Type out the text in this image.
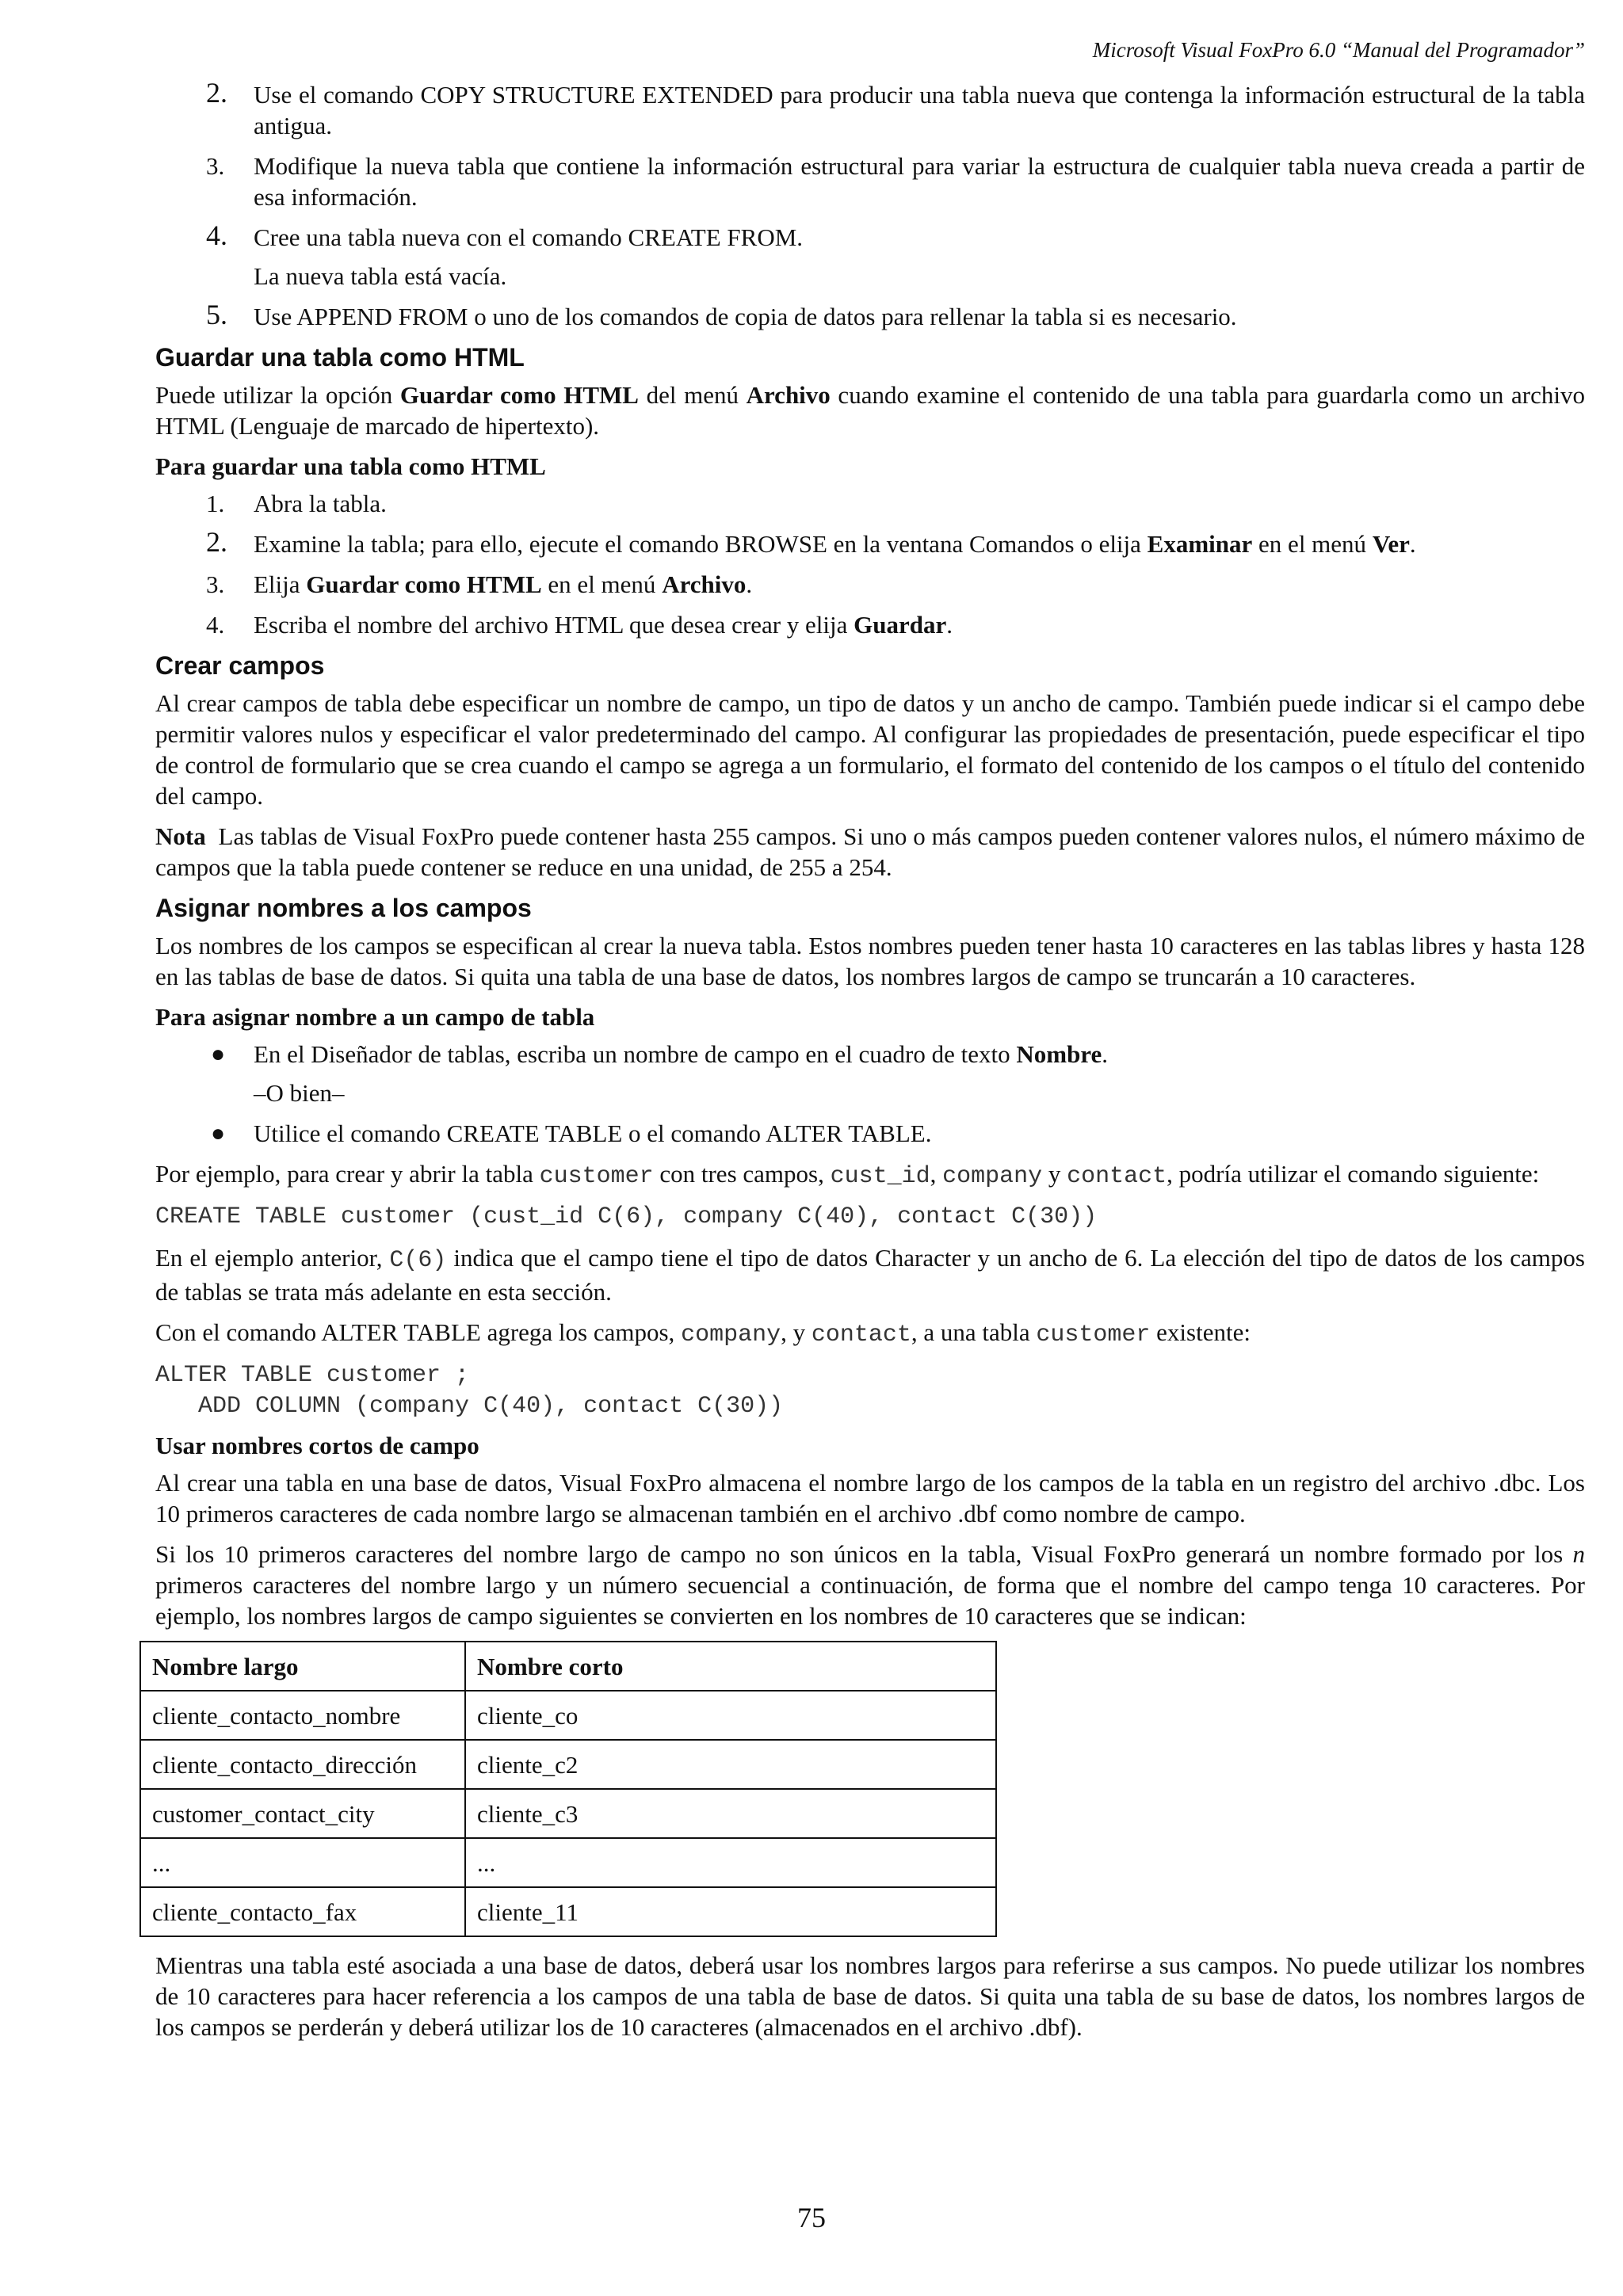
Microsoft Visual FoxPro 6.0 “Manual del Programador”
2. Use el comando COPY STRUCTURE EXTENDED para producir una tabla nueva que contenga la información estructural de la tabla antigua.
3. Modifique la nueva tabla que contiene la información estructural para variar la estructura de cualquier tabla nueva creada a partir de esa información.
4. Cree una tabla nueva con el comando CREATE FROM.

La nueva tabla está vacía.

5. Use APPEND FROM o uno de los comandos de copia de datos para rellenar la tabla si es necesario.
Guardar una tabla como HTML

Puede utilizar la opción Guardar como HTML del menú Archivo cuando examine el contenido de una tabla para guardarla como un archivo HTML (Lenguaje de marcado de hipertexto).

Para guardar una tabla como HTML
1. Abra la tabla.
2. Examine la tabla; para ello, ejecute el comando BROWSE en la ventana Comandos o elija Examinar en el menú Ver.
3. Elija Guardar como HTML en el menú Archivo.
4. Escriba el nombre del archivo HTML que desea crear y elija Guardar.
Crear campos

Al crear campos de tabla debe especificar un nombre de campo, un tipo de datos y un ancho de campo. También puede indicar si el campo debe permitir valores nulos y especificar el valor predeterminado del campo. Al configurar las propiedades de presentación, puede especificar el tipo de control de formulario que se crea cuando el campo se agrega a un formulario, el formato del contenido de los campos o el título del contenido del campo.

Nota Las tablas de Visual FoxPro puede contener hasta 255 campos. Si uno o más campos pueden contener valores nulos, el número máximo de campos que la tabla puede contener se reduce en una unidad, de 255 a 254.

Asignar nombres a los campos

Los nombres de los campos se especifican al crear la nueva tabla. Estos nombres pueden tener hasta 10 caracteres en las tablas libres y hasta 128 en las tablas de base de datos. Si quita una tabla de una base de datos, los nombres largos de campo se truncarán a 10 caracteres.

Para asignar nombre a un campo de tabla
● En el Diseñador de tablas, escriba un nombre de campo en el cuadro de texto Nombre.

–O bien–

● Utilice el comando CREATE TABLE o el comando ALTER TABLE.

Por ejemplo, para crear y abrir la tabla customer con tres campos, cust_id, company y contact, podría utilizar el comando siguiente:

CREATE TABLE customer (cust_id C(6), company C(40), contact C(30))

En el ejemplo anterior, C(6) indica que el campo tiene el tipo de datos Character y un ancho de 6. La elección del tipo de datos de los campos de tablas se trata más adelante en esta sección.

Con el comando ALTER TABLE agrega los campos, company, y contact, a una tabla customer existente:

ALTER TABLE customer ;
ADD COLUMN (company C(40), contact C(30))
Usar nombres cortos de campo

Al crear una tabla en una base de datos, Visual FoxPro almacena el nombre largo de los campos de la tabla en un registro del archivo .dbc. Los 10 primeros caracteres de cada nombre largo se almacenan también en el archivo .dbf como nombre de campo.

Si los 10 primeros caracteres del nombre largo de campo no son únicos en la tabla, Visual FoxPro generará un nombre formado por los n primeros caracteres del nombre largo y un número secuencial a continuación, de forma que el nombre del campo tenga 10 caracteres. Por ejemplo, los nombres largos de campo siguientes se convierten en los nombres de 10 caracteres que se indican:

Nombre largo	Nombre corto
cliente_contacto_nombre	cliente_co
cliente_contacto_dirección	cliente_c2
customer_contact_city	cliente_c3
...	...
cliente_contacto_fax	cliente_11

Mientras una tabla esté asociada a una base de datos, deberá usar los nombres largos para referirse a sus campos. No puede utilizar los nombres de 10 caracteres para hacer referencia a los campos de una tabla de base de datos. Si quita una tabla de su base de datos, los nombres largos de los campos se perderán y deberá utilizar los de 10 caracteres (almacenados en el archivo .dbf).

75
